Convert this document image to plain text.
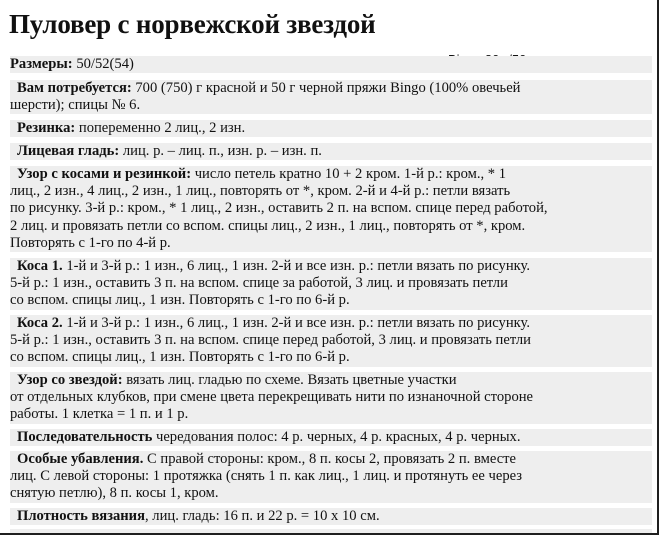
Пуловер с норвежской звездой
Размеры: 50/52(54)
Вам потребуется: 700 (750) г красной и 50 г черной пряжи Bingo (100% овечьей
шерсти); спицы № 6.
Резинка: попеременно 2 лиц., 2 изн.
Лицевая гладь: лиц. р. – лиц. п., изн. р. – изн. п.
Узор с косами и резинкой: число петель кратно 10 + 2 кром. 1-й р.: кром., * 1
лиц., 2 изн., 4 лиц., 2 изн., 1 лиц., повторять от *, кром. 2-й и 4-й р.: петли вязать
по рисунку. 3-й р.: кром., * 1 лиц., 2 изн., оставить 2 п. на вспом. спице перед работой,
2 лиц. и провязать петли со вспом. спицы лиц., 2 изн., 1 лиц., повторять от *, кром.
Повторять с 1-го по 4-й р.
Коса 1. 1-й и 3-й р.: 1 изн., 6 лиц., 1 изн. 2-й и все изн. р.: петли вязать по рисунку.
5-й р.: 1 изн., оставить 3 п. на вспом. спице за работой, 3 лиц. и провязать петли
со вспом. спицы лиц., 1 изн. Повторять с 1-го по 6-й р.
Коса 2. 1-й и 3-й р.: 1 изн., 6 лиц., 1 изн. 2-й и все изн. р.: петли вязать по рисунку.
5-й р.: 1 изн., оставить 3 п. на вспом. спице перед работой, 3 лиц. и провязать петли
со вспом. спицы лиц., 1 изн. Повторять с 1-го по 6-й р.
Узор со звездой: вязать лиц. гладью по схеме. Вязать цветные участки
от отдельных клубков, при смене цвета перекрещивать нити по изнаночной стороне
работы. 1 клетка = 1 п. и 1 р.
Последовательность чередования полос: 4 р. черных, 4 р. красных, 4 р. черных.
Особые убавления. С правой стороны: кром., 8 п. косы 2, провязать 2 п. вместе
лиц. С левой стороны: 1 протяжка (снять 1 п. как лиц., 1 лиц. и протянуть ее через
снятую петлю), 8 п. косы 1, кром.
Плотность вязания, лиц. гладь: 16 п. и 22 р. = 10 х 10 см.
